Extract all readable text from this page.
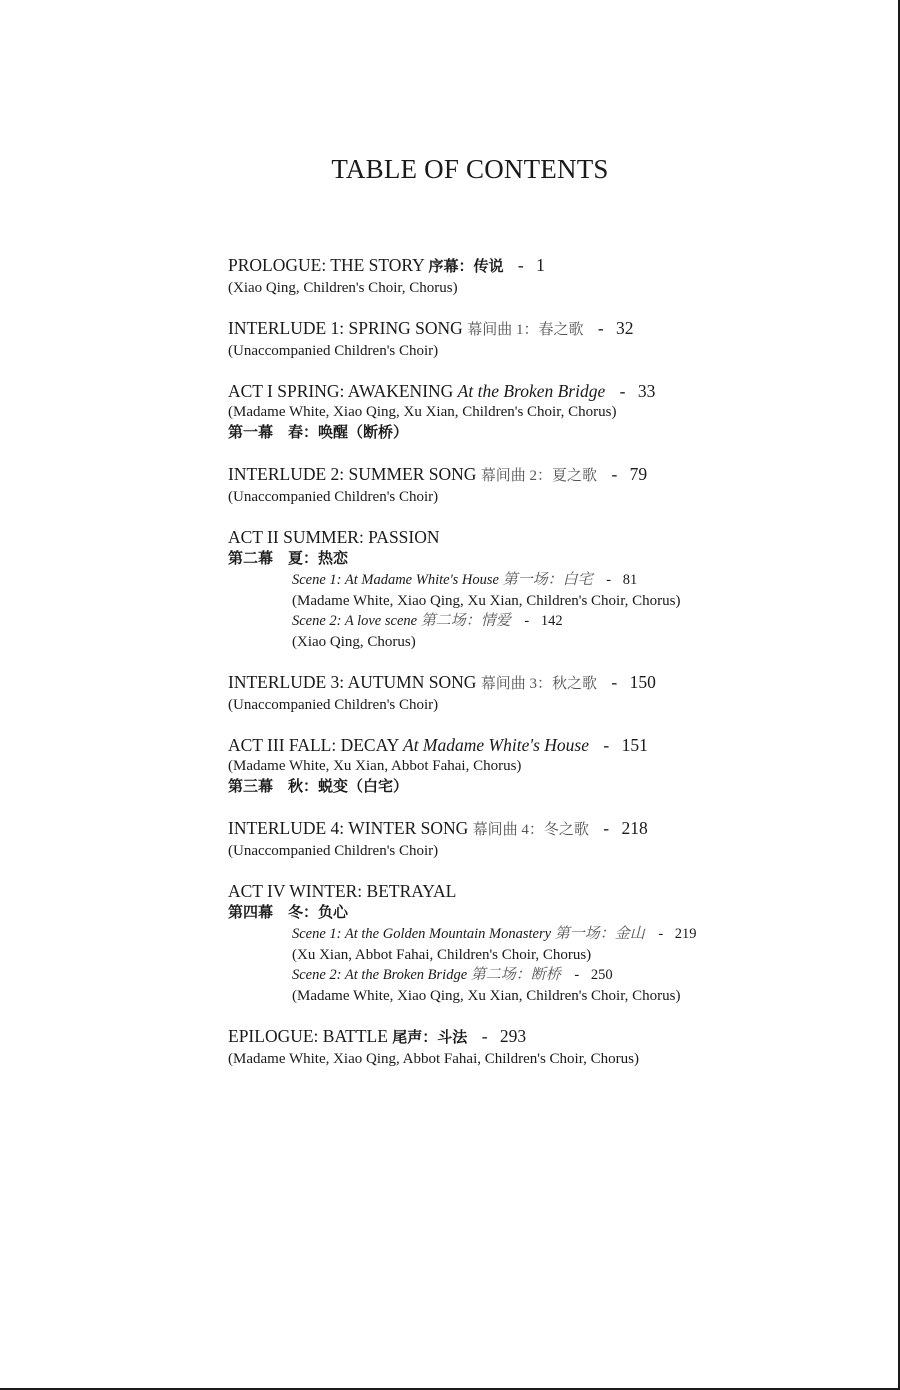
TABLE OF CONTENTS
PROLOGUE: THE STORY 序幕：传说 - 1
(Xiao Qing, Children's Choir, Chorus)
INTERLUDE 1: SPRING SONG 幕间曲 1：春之歌 - 32
(Unaccompanied Children's Choir)
ACT I SPRING: AWAKENING At the Broken Bridge - 33
(Madame White, Xiao Qing, Xu Xian, Children's Choir, Chorus)
第一幕　春：唤醒（断桥）
INTERLUDE 2: SUMMER SONG 幕间曲 2：夏之歌 - 79
(Unaccompanied Children's Choir)
ACT II SUMMER: PASSION
第二幕　夏：热恋
Scene 1: At Madame White's House 第一场：白宅 - 81
(Madame White, Xiao Qing, Xu Xian, Children's Choir, Chorus)
Scene 2: A love scene 第二场：情爱 - 142
(Xiao Qing, Chorus)
INTERLUDE 3: AUTUMN SONG 幕间曲 3：秋之歌 - 150
(Unaccompanied Children's Choir)
ACT III FALL: DECAY At Madame White's House - 151
(Madame White, Xu Xian, Abbot Fahai, Chorus)
第三幕　秋：蜕变（白宅）
INTERLUDE 4: WINTER SONG 幕间曲 4：冬之歌 - 218
(Unaccompanied Children's Choir)
ACT IV WINTER: BETRAYAL
第四幕　冬：负心
Scene 1: At the Golden Mountain Monastery 第一场：金山 - 219
(Xu Xian, Abbot Fahai, Children's Choir, Chorus)
Scene 2: At the Broken Bridge 第二场：断桥 - 250
(Madame White, Xiao Qing, Xu Xian, Children's Choir, Chorus)
EPILOGUE: BATTLE 尾声：斗法 - 293
(Madame White, Xiao Qing, Abbot Fahai, Children's Choir, Chorus)
